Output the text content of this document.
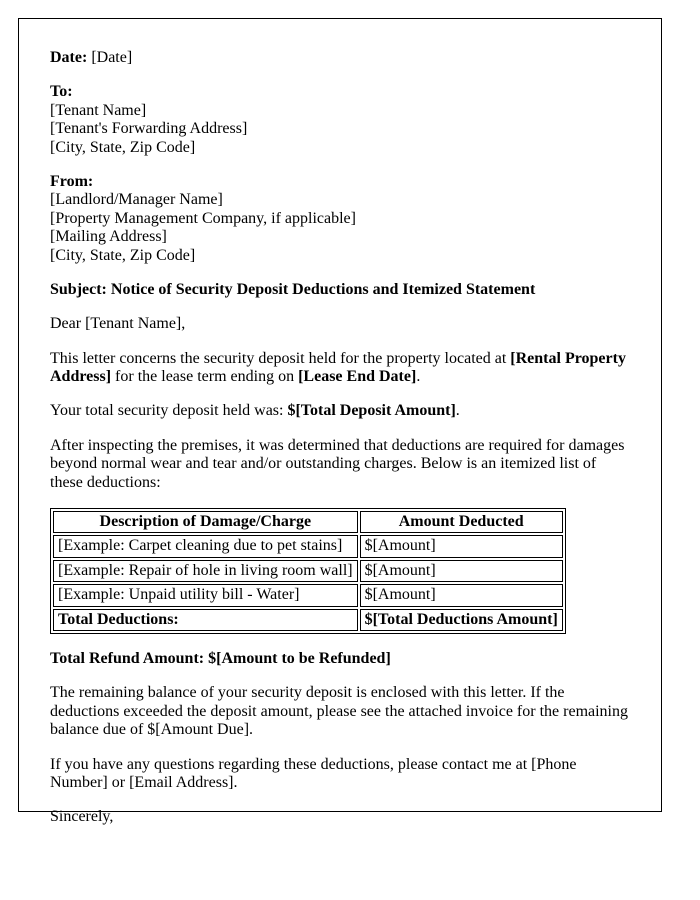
Date: [Date]

To:
[Tenant Name]
[Tenant's Forwarding Address]
[City, State, Zip Code]
From:
[Landlord/Manager Name]
[Property Management Company, if applicable]
[Mailing Address]
[City, State, Zip Code]

Subject: Notice of Security Deposit Deductions and Itemized Statement

Dear [Tenant Name],

This letter concerns the security deposit held for the property located at [Rental Property Address] for the lease term ending on [Lease End Date].

Your total security deposit held was: $[Total Deposit Amount].

After inspecting the premises, it was determined that deductions are required for damages beyond normal wear and tear and/or outstanding charges. Below is an itemized list of these deductions:

Description of Damage/Charge	Amount Deducted
[Example: Carpet cleaning due to pet stains]	$[Amount]
[Example: Repair of hole in living room wall]	$[Amount]
[Example: Unpaid utility bill - Water]	$[Amount]
Total Deductions:	$[Total Deductions Amount]

Total Refund Amount: $[Amount to be Refunded]

The remaining balance of your security deposit is enclosed with this letter. If the deductions exceeded the deposit amount, please see the attached invoice for the remaining balance due of $[Amount Due].

If you have any questions regarding these deductions, please contact me at [Phone Number] or [Email Address].

Sincerely,
